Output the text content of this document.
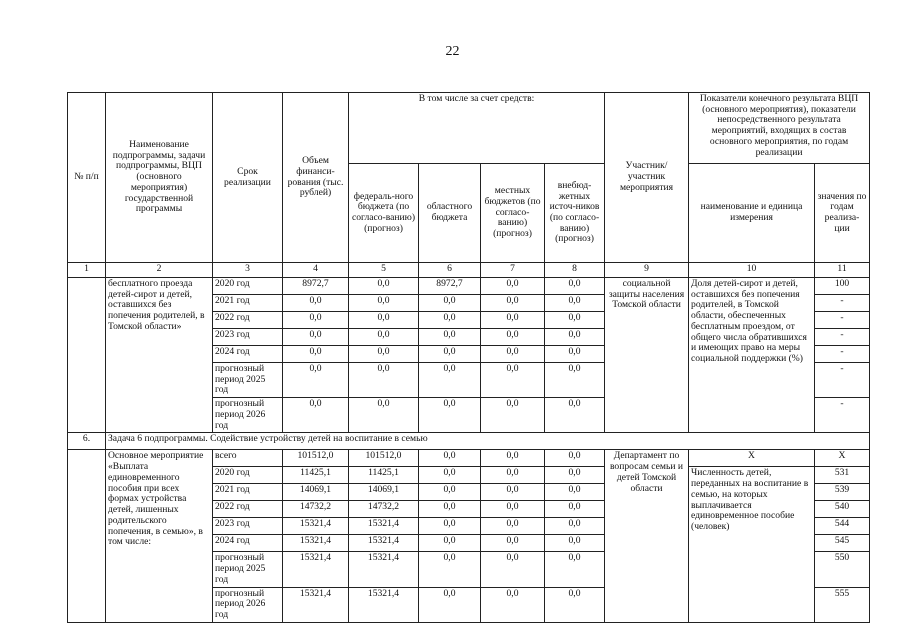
22
№ п/п	Наименование подпрограммы, задачи подпрограммы, ВЦП (основного мероприятия) государственной программы	Срок реализации	Объем финанси-рования (тыс. рублей)	В том числе за счет средств:				Участник/ участник мероприятия	Показатели конечного результата ВЦП (основного мероприятия), показатели непосредственного результата мероприятий, входящих в состав основного мероприятия, по годам реализации	
				федераль-ного бюджета (по согласо-ванию) (прогноз)	областного бюджета	местных бюджетов (по согласо-ванию) (прогноз)	внебюд-жетных источ-ников (по согласо-ванию) (прогноз)		наименование и единица измерения	значения по годам реализа-ции
1	2	3	4	5	6	7	8	9	10	11
	бесплатного проезда детей-сирот и детей, оставшихся без попечения родителей, в Томской области»	2020 год	8972,7	0,0	8972,7	0,0	0,0	социальной защиты населения Томской области	Доля детей-сирот и детей, оставшихся без попечения родителей, в Томской области, обеспеченных бесплатным проездом, от общего числа обратившихся и имеющих право на меры социальной поддержки (%)	100
		2021 год	0,0	0,0	0,0	0,0	0,0			-
		2022 год	0,0	0,0	0,0	0,0	0,0			-
		2023 год	0,0	0,0	0,0	0,0	0,0			-
		2024 год	0,0	0,0	0,0	0,0	0,0			-
		прогнозный период 2025 год	0,0	0,0	0,0	0,0	0,0			-
		прогнозный период 2026 год	0,0	0,0	0,0	0,0	0,0			-
6.	Задача 6 подпрограммы. Содействие устройству детей на воспитание в семью									
	Основное мероприятие «Выплата единовременного пособия при всех формах устройства детей, лишенных родительского попечения, в семью», в том числе:	всего	101512,0	101512,0	0,0	0,0	0,0	Департамент по вопросам семьи и детей Томской области	Х	Х
		2020 год	11425,1	11425,1	0,0	0,0	0,0		Численность детей, переданных на воспитание в семью, на которых выплачивается единовременное пособие (человек)	531
		2021 год	14069,1	14069,1	0,0	0,0	0,0			539
		2022 год	14732,2	14732,2	0,0	0,0	0,0			540
		2023 год	15321,4	15321,4	0,0	0,0	0,0			544
		2024 год	15321,4	15321,4	0,0	0,0	0,0			545
		прогнозный период 2025 год	15321,4	15321,4	0,0	0,0	0,0			550
		прогнозный период 2026 год	15321,4	15321,4	0,0	0,0	0,0			555
